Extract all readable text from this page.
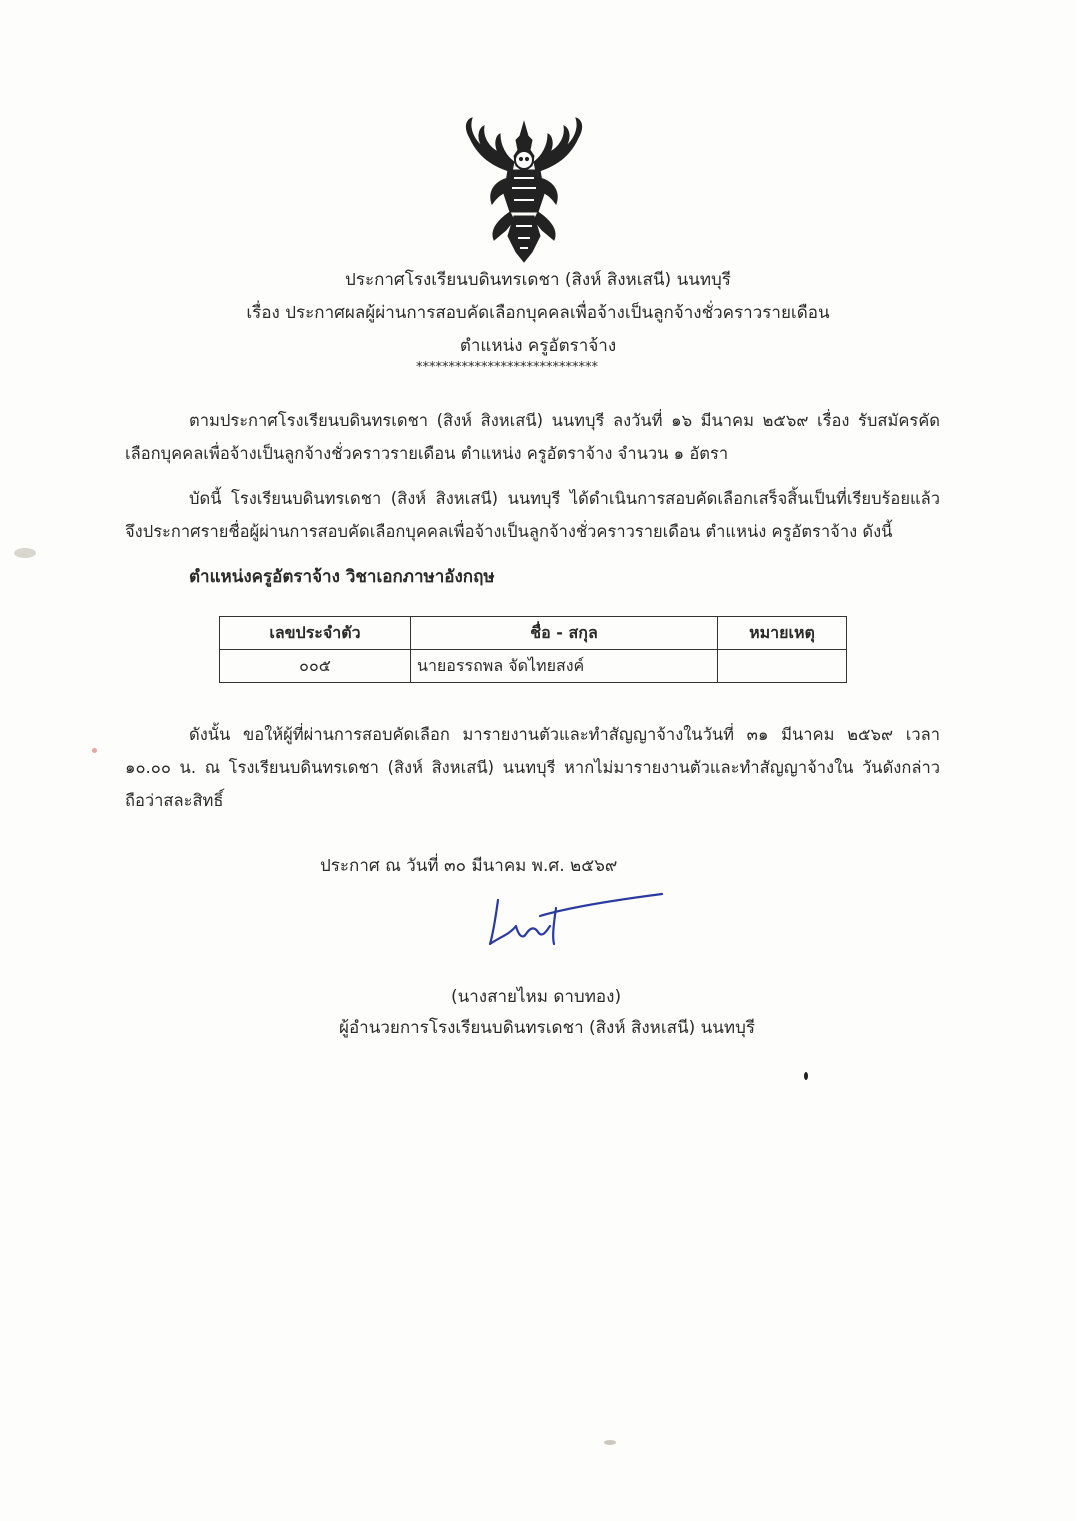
ประกาศโรงเรียนบดินทรเดชา (สิงห์ สิงหเสนี) นนทบุรี
เรื่อง ประกาศผลผู้ผ่านการสอบคัดเลือกบุคคลเพื่อจ้างเป็นลูกจ้างชั่วคราวรายเดือน
ตำแหน่ง ครูอัตราจ้าง
****************************
ตามประกาศโรงเรียนบดินทรเดชา (สิงห์ สิงหเสนี) นนทบุรี ลงวันที่ ๑๖ มีนาคม ๒๕๖๙ เรื่อง รับสมัครคัดเลือกบุคคลเพื่อจ้างเป็นลูกจ้างชั่วคราวรายเดือน ตำแหน่ง ครูอัตราจ้าง จำนวน ๑ อัตรา
บัดนี้ โรงเรียนบดินทรเดชา (สิงห์ สิงหเสนี) นนทบุรี ได้ดำเนินการสอบคัดเลือกเสร็จสิ้นเป็นที่เรียบร้อยแล้ว จึงประกาศรายชื่อผู้ผ่านการสอบคัดเลือกบุคคลเพื่อจ้างเป็นลูกจ้างชั่วคราวรายเดือน ตำแหน่ง ครูอัตราจ้าง ดังนี้
ตำแหน่งครูอัตราจ้าง วิชาเอกภาษาอังกฤษ
เลขประจำตัว	ชื่อ - สกุล	หมายเหตุ
๐๐๕	นายอรรถพล จัดไทยสงค์	
ดังนั้น ขอให้ผู้ที่ผ่านการสอบคัดเลือก มารายงานตัวและทำสัญญาจ้างในวันที่ ๓๑ มีนาคม ๒๕๖๙ เวลา ๑๐.๐๐ น. ณ โรงเรียนบดินทรเดชา (สิงห์ สิงหเสนี) นนทบุรี หากไม่มารายงานตัวและทำสัญญาจ้างใน วันดังกล่าว ถือว่าสละสิทธิ์
ประกาศ ณ วันที่ ๓๐ มีนาคม พ.ศ. ๒๕๖๙
(นางสายไหม ดาบทอง)
ผู้อำนวยการโรงเรียนบดินทรเดชา (สิงห์ สิงหเสนี) นนทบุรี
